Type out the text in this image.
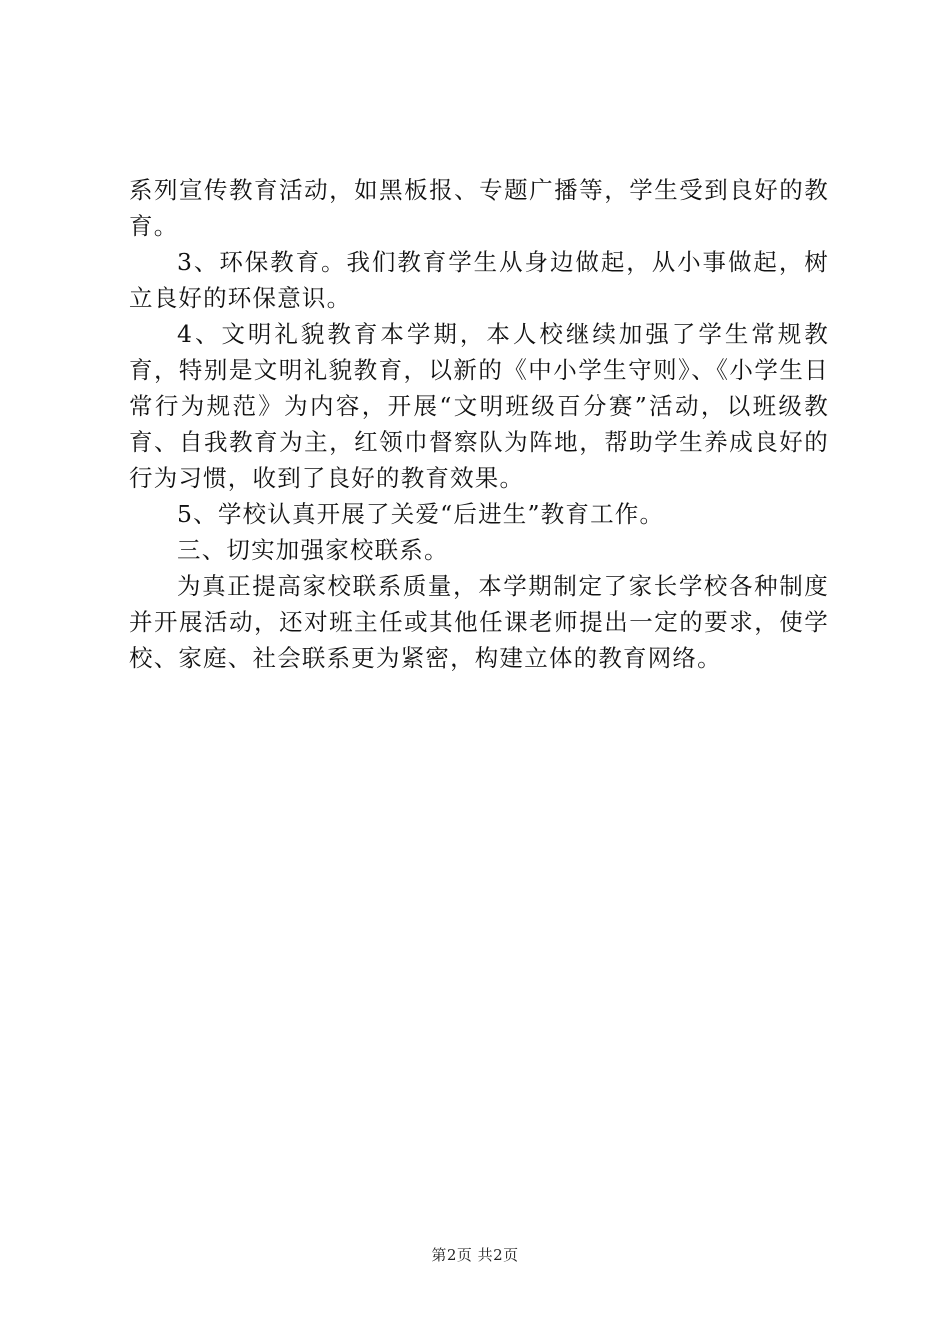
系列宣传教育活动，如黑板报、专题广播等，学生受到良好的教育。

3、环保教育。我们教育学生从身边做起，从小事做起，树立良好的环保意识。

4、文明礼貌教育本学期，本人校继续加强了学生常规教育，特别是文明礼貌教育，以新的《中小学生守则》、《小学生日常行为规范》为内容，开展“文明班级百分赛”活动，以班级教育、自我教育为主，红领巾督察队为阵地，帮助学生养成良好的行为习惯，收到了良好的教育效果。

5、学校认真开展了关爱“后进生”教育工作。

三、切实加强家校联系。

为真正提高家校联系质量，本学期制定了家长学校各种制度并开展活动，还对班主任或其他任课老师提出一定的要求，使学校、家庭、社会联系更为紧密，构建立体的教育网络。

第2页 共2页
